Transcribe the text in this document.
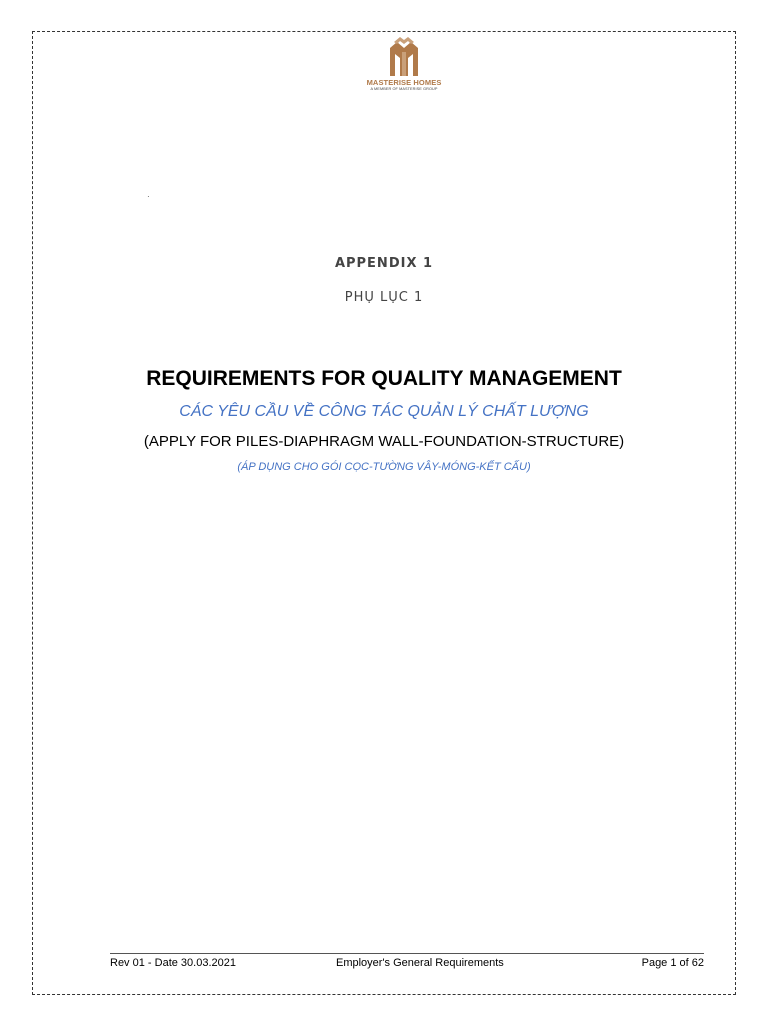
MASTERISE HOMES
A MEMBER OF MASTERISE GROUP
·
APPENDIX 1
PHỤ LỤC 1
REQUIREMENTS FOR QUALITY MANAGEMENT
CÁC YÊU CẦU VỀ CÔNG TÁC QUẢN LÝ CHẤT LƯỢNG
(APPLY FOR PILES-DIAPHRAGM WALL-FOUNDATION-STRUCTURE)
(ÁP DỤNG CHO GÓI CỌC-TƯỜNG VÂY-MÓNG-KẾT CẤU)
Rev 01 - Date 30.03.2021	Employer's General Requirements	Page 1 of 62
